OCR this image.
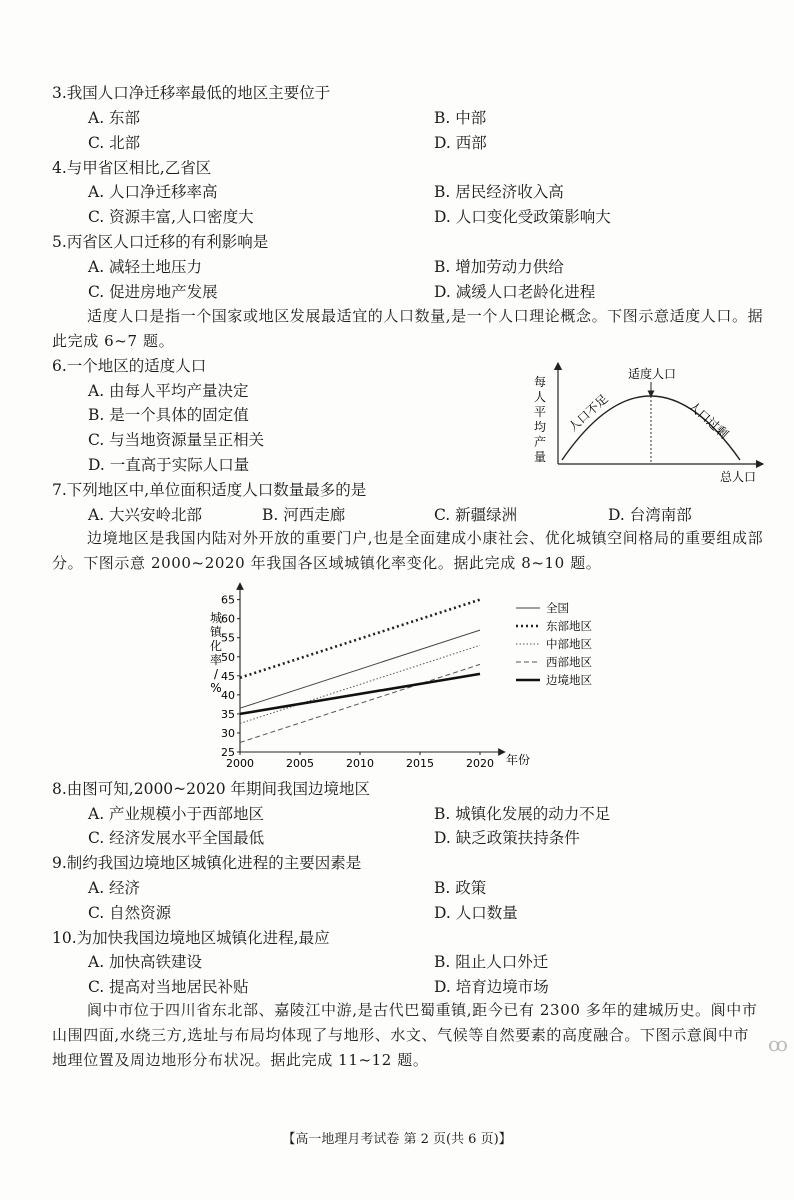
3.我国人口净迁移率最低的地区主要位于
A. 东部	B. 中部
C. 北部	D. 西部
4.与甲省区相比,乙省区
A. 人口净迁移率高	B. 居民经济收入高
C. 资源丰富,人口密度大	D. 人口变化受政策影响大
5.丙省区人口迁移的有利影响是
A. 减轻土地压力	B. 增加劳动力供给
C. 促进房地产发展	D. 减缓人口老龄化进程
适度人口是指一个国家或地区发展最适宜的人口数量,是一个人口理论概念。下图示意适度人口。据此完成 6~7 题。
6.一个地区的适度人口
A. 由每人平均产量决定
B. 是一个具体的固定值
C. 与当地资源量呈正相关
D. 一直高于实际人口量
每
人
平
均
产
量
适度人口
人口不足	人口过剩
总人口
7.下列地区中,单位面积适度人口数量最多的是
A. 大兴安岭北部	B. 河西走廊	C. 新疆绿洲	D. 台湾南部
边境地区是我国内陆对外开放的重要门户,也是全面建成小康社会、优化城镇空间格局的重要组成部分。下图示意 2000~2020 年我国各区域城镇化率变化。据此完成 8~10 题。
25
30
35
40
45
50
55
60
65
2000	2005	2010	2015	2020
全国
东部地区
中部地区
西部地区
边境地区
城
镇
化
率
/
%
年份
8.由图可知,2000~2020 年期间我国边境地区
A. 产业规模小于西部地区	B. 城镇化发展的动力不足
C. 经济发展水平全国最低	D. 缺乏政策扶持条件
9.制约我国边境地区城镇化进程的主要因素是
A. 经济	B. 政策
C. 自然资源	D. 人口数量
10.为加快我国边境地区城镇化进程,最应
A. 加快高铁建设	B. 阻止人口外迁
C. 提高对当地居民补贴	D. 培育边境市场
阆中市位于四川省东北部、嘉陵江中游,是古代巴蜀重镇,距今已有 2300 多年的建城历史。阆中市山围四面,水绕三方,选址与布局均体现了与地形、水文、气候等自然要素的高度融合。下图示意阆中市地理位置及周边地形分布状况。据此完成 11~12 题。
ꝏ
【高一地理月考试卷 第 2 页(共 6 页)】
